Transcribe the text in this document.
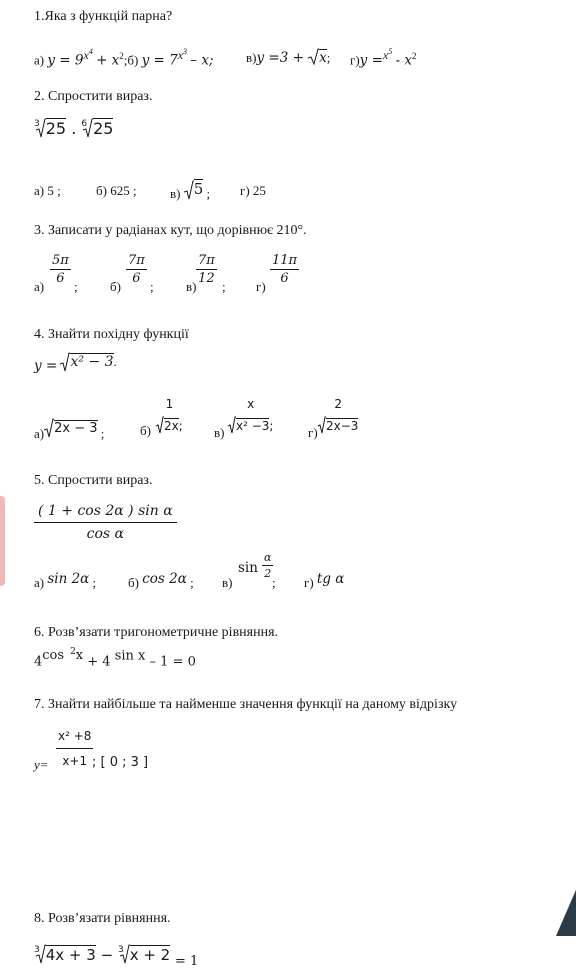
1.Яка з функцій парна?
а) $y = 9^{x^4}$ + $x^2;б$) $y = 7^{x^3} - x$;	в)y =3 + x; $г)y =^{x^5} - x^2$
2. Спростити вираз.
$^3$ 25 . $^6$ 25
а) 5 ;	б) 625 ;	в) 5 ; г) 25
3. Записати у радіанах кут, що дорівнює 210°.
а)
$\frac{5\pi}{6}$
; б)
$\frac{7\pi}{6}$
; в)
$\frac{7\pi}{12}$
; г)
$\frac{11\pi}{6}$
4. Знайти похідну функції
y = x² − 3.
а) 2x − 3 ;	б)
1
2x; в)
x
x² −3;	г)
2
2x−3
5. Спростити вираз.
$\frac{\text{( 1 + cos 2α ) sin α}}{\text{cos α}}$
а) sin 2α ; б) cos 2α ; в)
$\sin \frac{\alpha}{2}$
; г) tg α
6. Розв’язати тригонометричне рівняння.
4cos $^2$x + 4 sin x – 1 = 0
7. Знайти найбільше та найменше значення функції на даному відрізку
$y= \frac{\text{x² +8}}{x+1}$
; [ 0 ; 3 ]
8. Розв’язати рівняння.
$^3$ 4x + 3 − $^3$ x + 2 = 1
